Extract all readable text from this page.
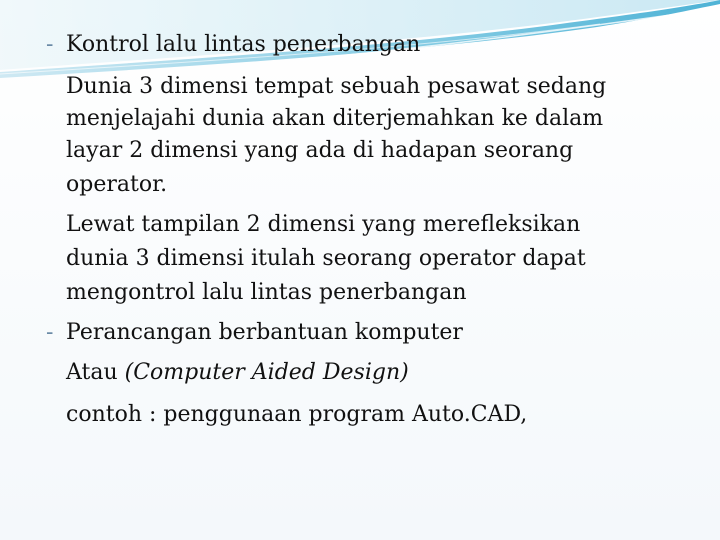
- Kontrol lalu lintas penerbangan
Dunia 3 dimensi tempat sebuah pesawat sedang
menjelajahi dunia akan diterjemahkan ke dalam
layar 2 dimensi yang ada di hadapan seorang
operator.
Lewat tampilan 2 dimensi yang merefleksikan
dunia 3 dimensi itulah seorang operator dapat
mengontrol lalu lintas penerbangan
- Perancangan berbantuan komputer
Atau (Computer Aided Design)
contoh : penggunaan program Auto.CAD,
